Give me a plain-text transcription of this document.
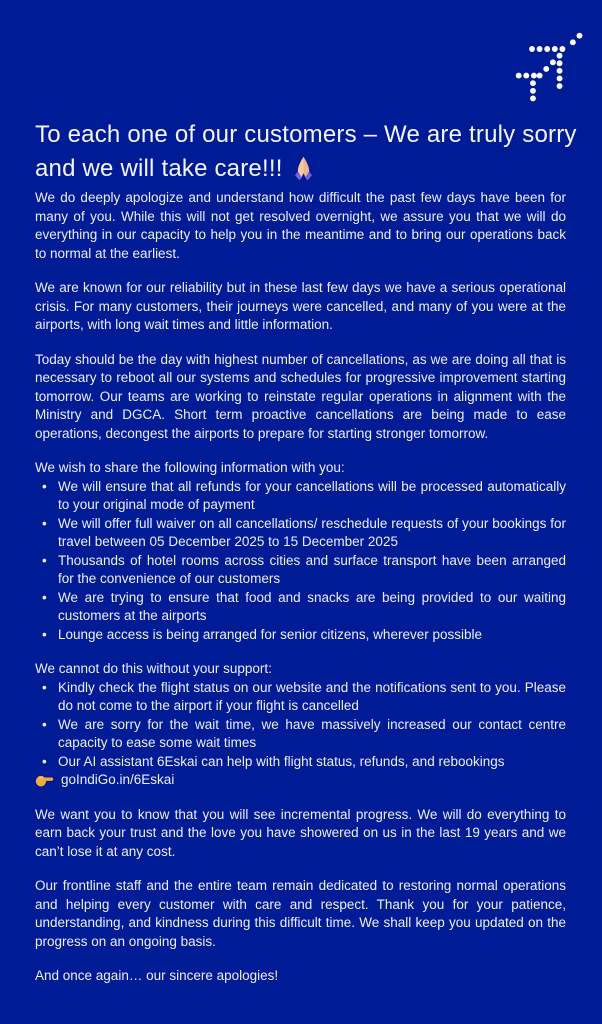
To each one of our customers – We are truly sorry and we will take care!!!

We do deeply apologize and understand how difficult the past few days have been for many of you. While this will not get resolved overnight, we assure you that we will do everything in our capacity to help you in the meantime and to bring our operations back to normal at the earliest.

We are known for our reliability but in these last few days we have a serious operational crisis. For many customers, their journeys were cancelled, and many of you were at the airports, with long wait times and little information.

Today should be the day with highest number of cancellations, as we are doing all that is necessary to reboot all our systems and schedules for progressive improvement starting tomorrow. Our teams are working to reinstate regular operations in alignment with the Ministry and DGCA. Short term proactive cancellations are being made to ease operations, decongest the airports to prepare for starting stronger tomorrow.

We wish to share the following information with you:
• We will ensure that all refunds for your cancellations will be processed automatically to your original mode of payment
• We will offer full waiver on all cancellations/ reschedule requests of your bookings for travel between 05 December 2025 to 15 December 2025
• Thousands of hotel rooms across cities and surface transport have been arranged for the convenience of our customers
• We are trying to ensure that food and snacks are being provided to our waiting customers at the airports
• Lounge access is being arranged for senior citizens, wherever possible
We cannot do this without your support:
• Kindly check the flight status on our website and the notifications sent to you. Please do not come to the airport if your flight is cancelled
• We are sorry for the wait time, we have massively increased our contact centre capacity to ease some wait times
• Our AI assistant 6Eskai can help with flight status, refunds, and rebookings
goIndiGo.in/6Eskai

We want you to know that you will see incremental progress. We will do everything to earn back your trust and the love you have showered on us in the last 19 years and we can’t lose it at any cost.

Our frontline staff and the entire team remain dedicated to restoring normal operations and helping every customer with care and respect. Thank you for your patience, understanding, and kindness during this difficult time. We shall keep you updated on the progress on an ongoing basis.

And once again… our sincere apologies!
